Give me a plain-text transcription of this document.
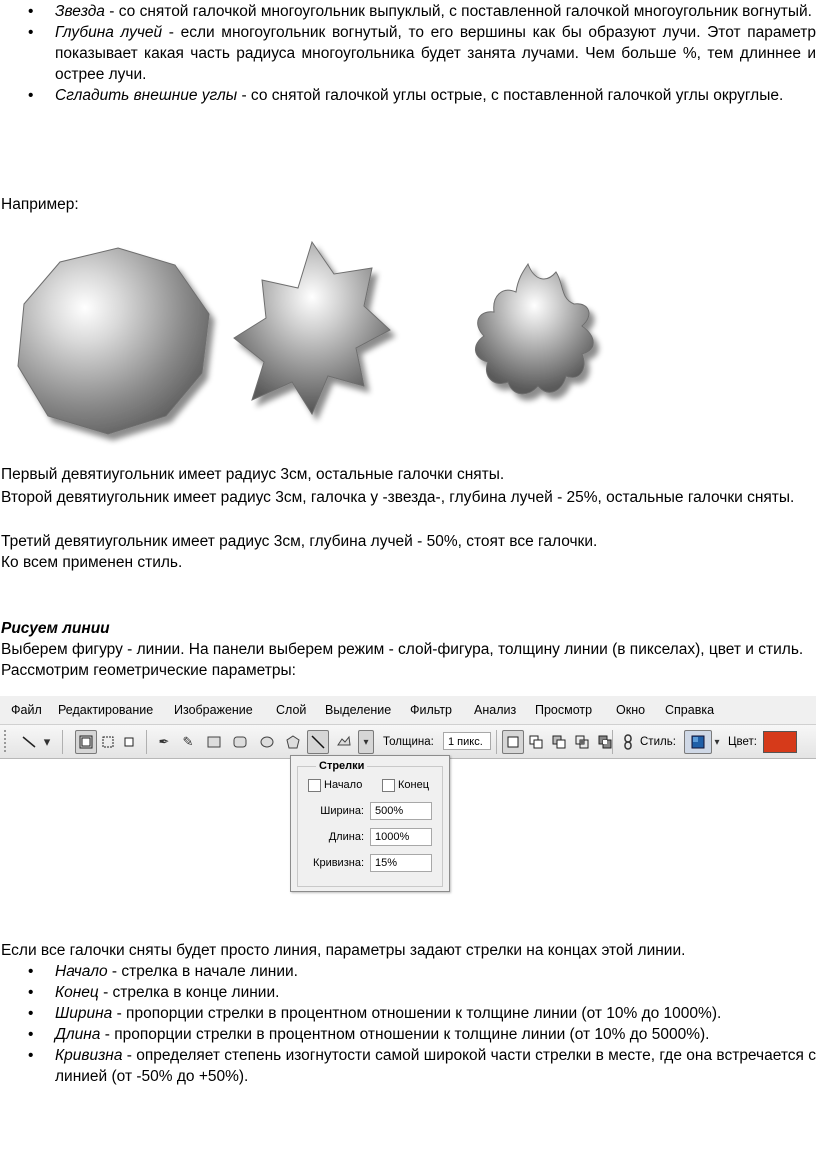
• Звезда - со снятой галочкой многоугольник выпуклый, с поставленной галочкой многоугольник вогнутый.
• Глубина лучей - если многоугольник вогнутый, то его вершины как бы образуют лучи. Этот параметр показывает какая часть радиуса многоугольника будет занята лучами. Чем больше %, тем длиннее и острее лучи.
• Сгладить внешние углы - со снятой галочкой углы острые, с поставленной галочкой углы округлые.
Например:
Первый девятиугольник имеет радиус 3см, остальные галочки сняты.
Второй девятиугольник имеет радиус 3см, галочка у -звезда-, глубина лучей - 25%, остальные галочки сняты.
Третий девятиугольник имеет радиус 3см, глубина лучей - 50%, стоят все галочки.
Ко всем применен стиль.
Рисуем линии
Выберем фигуру - линии. На панели выберем режим - слой-фигура, толщину линии (в пикселах), цвет и стиль. Рассмотрим геометрические параметры:
Файл Редактирование Изображение Слой Выделение Фильтр Анализ Просмотр Окно Справка
▾	✒	✎	▾	Толщина:	1 пикс.	Стиль:	▾ Цвет:
Стрелки
Начало	Конец
Ширина:	500%
Длина:	1000%
Кривизна:	15%
Если все галочки сняты будет просто линия, параметры задают стрелки на концах этой линии.
• Начало - стрелка в начале линии.
• Конец - стрелка в конце линии.
• Ширина - пропорции стрелки в процентном отношении к толщине линии (от 10% до 1000%).
• Длина - пропорции стрелки в процентном отношении к толщине линии (от 10% до 5000%).
• Кривизна - определяет степень изогнутости самой широкой части стрелки в месте, где она встречается с линией (от -50% до +50%).
